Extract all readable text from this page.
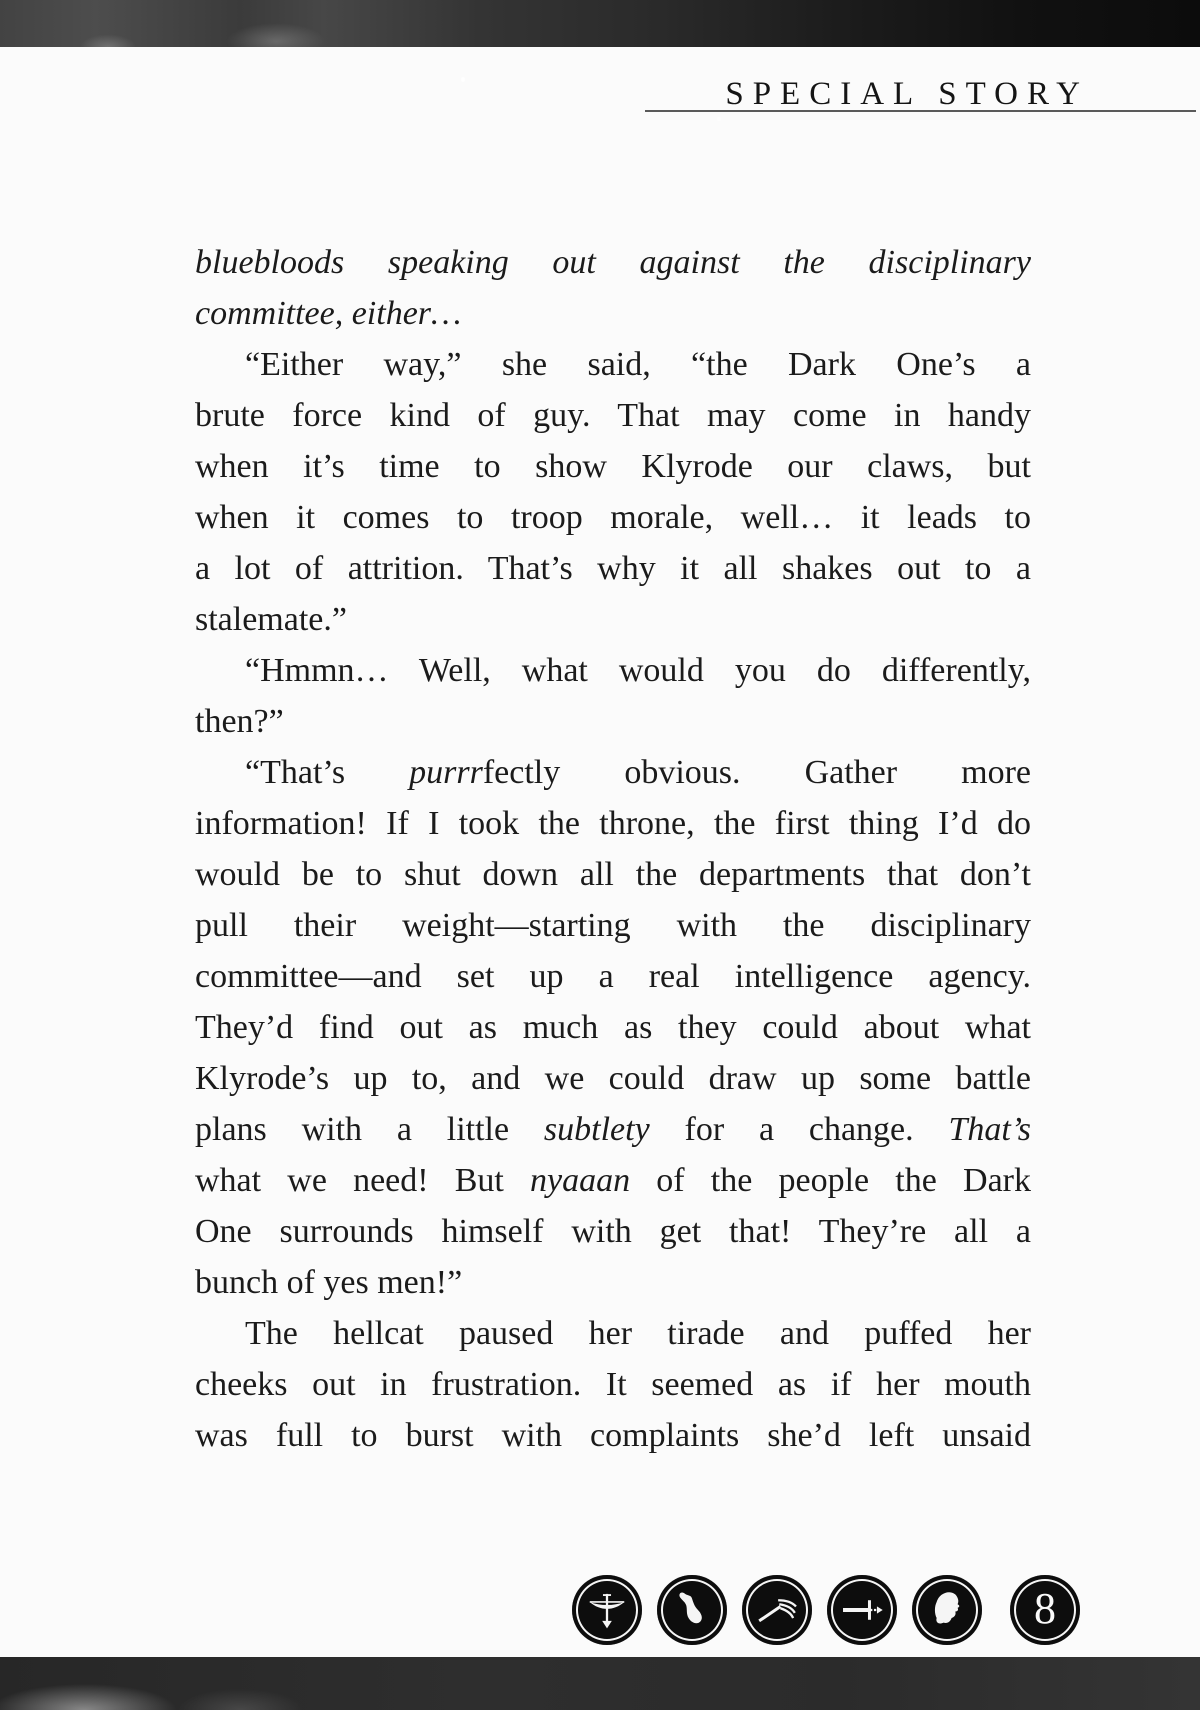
SPECIAL STORY
bluebloods speaking out against the disciplinary
committee, either…
“Either way,” she said, “the Dark One’s a
brute force kind of guy. That may come in handy
when it’s time to show Klyrode our claws, but
when it comes to troop morale, well… it leads to
a lot of attrition. That’s why it all shakes out to a
stalemate.”
“Hmmn… Well, what would you do differently,
then?”
“That’s purrrfectly obvious. Gather more
information! If I took the throne, the first thing I’d do
would be to shut down all the departments that don’t
pull their weight—starting with the disciplinary
committee—and set up a real intelligence agency.
They’d find out as much as they could about what
Klyrode’s up to, and we could draw up some battle
plans with a little subtlety for a change. That’s
what we need! But nyaaan of the people the Dark
One surrounds himself with get that! They’re all a
bunch of yes men!”
The hellcat paused her tirade and puffed her
cheeks out in frustration. It seemed as if her mouth
was full to burst with complaints she’d left unsaid
8
